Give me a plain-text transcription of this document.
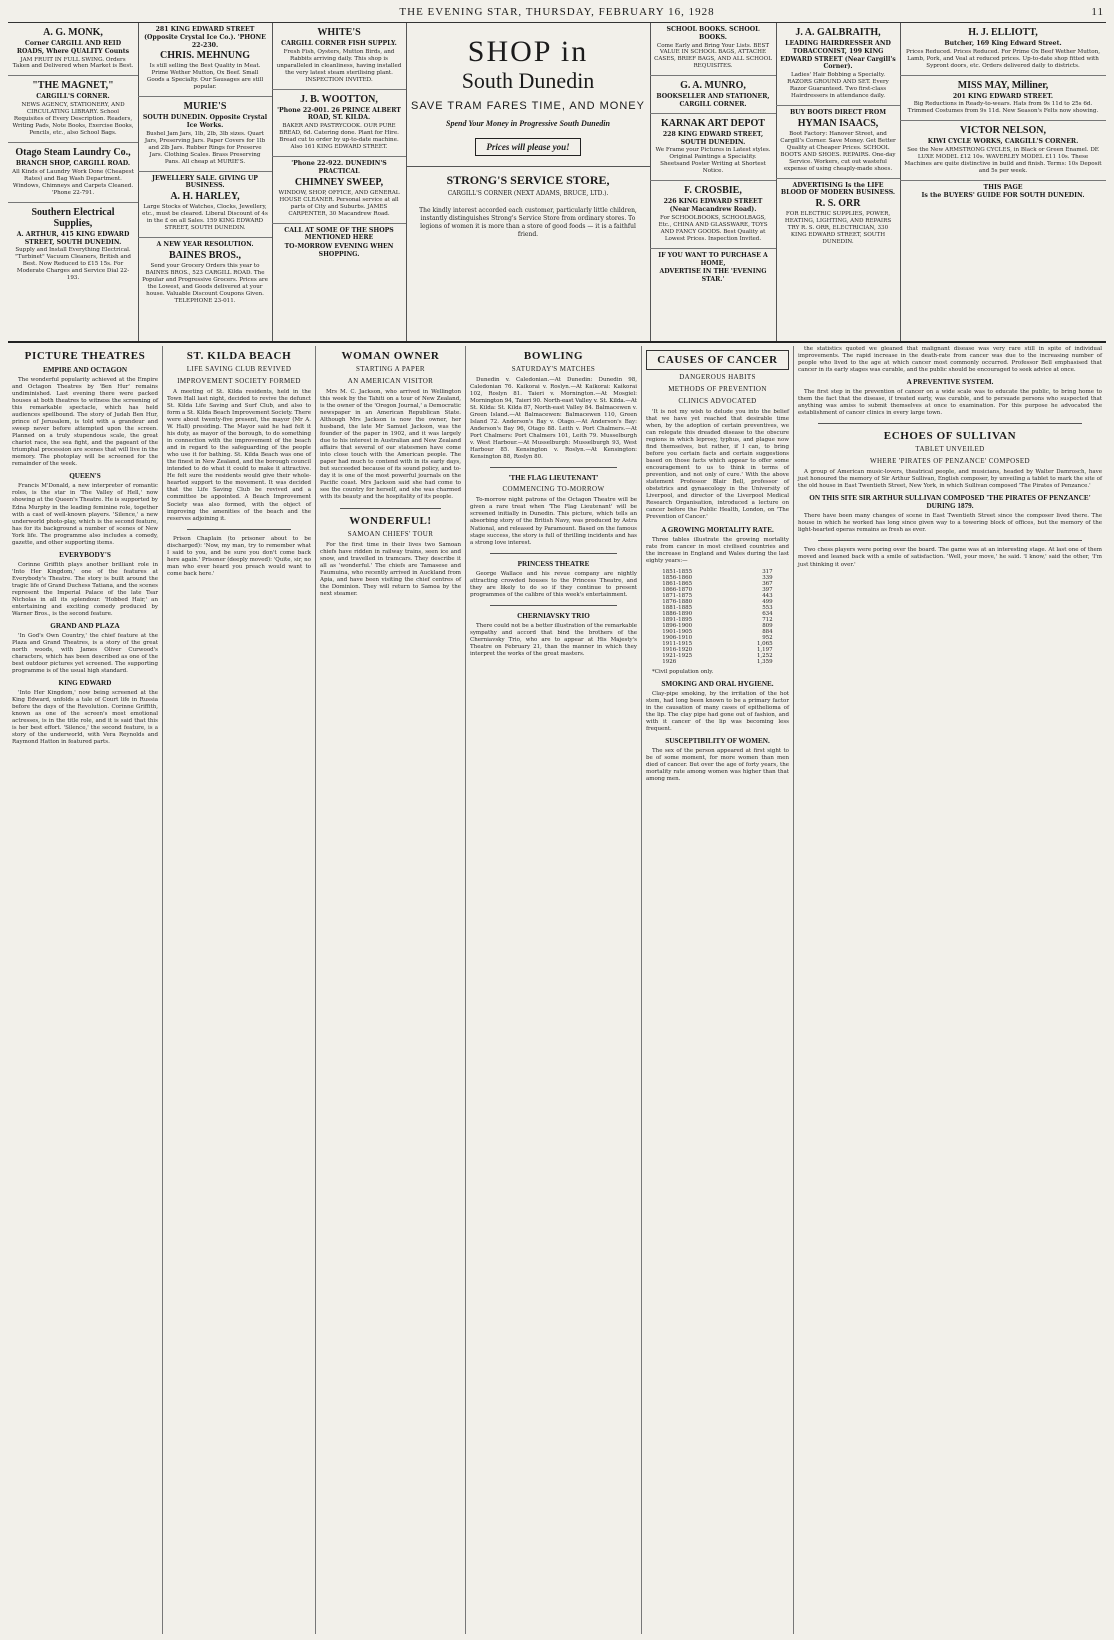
THE EVENING STAR, THURSDAY, FEBRUARY 16, 1928	11
A. G. MONK,
Corner CARGILL AND REID ROADS, Where QUALITY Counts

JAM FRUIT IN FULL SWING. Orders Taken and Delivered when Market is Best.

"THE MAGNET,"
CARGILL'S CORNER.

NEWS AGENCY, STATIONERY, AND CIRCULATING LIBRARY. School Requisites of Every Description. Readers, Writing Pads, Note Books, Exercise Books, Pencils, etc., also School Bags.

Otago Steam Laundry Co.,
BRANCH SHOP, CARGILL ROAD.

All Kinds of Laundry Work Done (Cheapest Rates) and Bag Wash Department. Windows, Chimneys and Carpets Cleaned. 'Phone 22-791.

Southern Electrical Supplies,
A. ARTHUR, 415 KING EDWARD STREET, SOUTH DUNEDIN.

Supply and Install Everything Electrical. "Turbinet" Vacuum Cleaners, British and Best. Now Reduced to £15 15s. For Moderate Charges and Service Dial 22-193.

281 KING EDWARD STREET (Opposite Crystal Ice Co.). 'PHONE 22-230.
CHRIS. MEHNUNG

Is still selling the Best Quality in Meat. Prime Wether Mutton, Ox Beef. Small Goods a Specialty. Our Sausages are still popular.

MURIE'S
SOUTH DUNEDIN. Opposite Crystal Ice Works.

Bushel Jam Jars, 1lb, 2lb, 3lb sizes. Quart Jars, Preserving Jars. Paper Covers for 1lb and 2lb Jars. Rubber Rings for Preserve Jars. Clothing Scales. Brass Preserving Pans. All cheap at MURIE'S.

JEWELLERY SALE. GIVING UP BUSINESS.
A. H. HARLEY,

Large Stocks of Watches, Clocks, Jewellery, etc., must be cleared. Liberal Discount of 4s in the £ on all Sales. 159 KING EDWARD STREET, SOUTH DUNEDIN.

A NEW YEAR RESOLUTION.
BAINES BROS.,

Send your Grocery Orders this year to BAINES BROS., 523 CARGILL ROAD. The Popular and Progressive Grocers. Prices are the Lowest, and Goods delivered at your house. Valuable Discount Coupons Given. TELEPHONE 23-011.

WHITE'S
CARGILL CORNER FISH SUPPLY.

Fresh Fish, Oysters, Mutton Birds, and Rabbits arriving daily. This shop is unparalleled in cleanliness, having installed the very latest steam sterilising plant. INSPECTION INVITED.

J. B. WOOTTON,
'Phone 22-001. 26 PRINCE ALBERT ROAD, ST. KILDA.

BAKER AND PASTRYCOOK. OUR PURE BREAD, 6d. Catering done. Plant for Hire. Bread cut to order by up-to-date machine. Also 161 KING EDWARD STREET.

'Phone 22-922. DUNEDIN'S PRACTICAL
CHIMNEY SWEEP,

WINDOW, SHOP, OFFICE, AND GENERAL HOUSE CLEANER. Personal service at all parts of City and Suburbs. JAMES CARPENTER, 30 Macandrew Road.

CALL AT SOME OF THE SHOPS
MENTIONED HERE

TO-MORROW EVENING WHEN SHOPPING.

SHOP in
South Dunedin
SAVE TRAM FARES TIME, AND MONEY
Spend Your Money in Progressive South Dunedin
Prices will please you!
STRONG'S SERVICE STORE,
CARGILL'S CORNER (NEXT ADAMS, BRUCE, LTD.).
The kindly interest accorded each customer, particularly little children, instantly distinguishes Strong's Service Store from ordinary stores. To legions of women it is more than a store of good foods — it is a faithful friend.
SCHOOL BOOKS. SCHOOL BOOKS.

Come Early and Bring Your Lists. BEST VALUE IN SCHOOL BAGS, ATTACHE CASES, BRIEF BAGS, AND ALL SCHOOL REQUISITES.

G. A. MUNRO,
BOOKSELLER AND STATIONER, CARGILL CORNER.
KARNAK ART DEPOT
228 KING EDWARD STREET, SOUTH DUNEDIN.

We Frame your Pictures in Latest styles. Original Paintings a Speciality. Sheetsand Poster Writing at Shortest Notice.

F. CROSBIE,
226 KING EDWARD STREET (Near Macandrew Road).

For SCHOOLBOOKS, SCHOOLBAGS, Etc., CHINA AND GLASSWARE, TOYS AND FANCY GOODS. Best Quality at Lowest Prices. Inspection Invited.

IF YOU WANT TO PURCHASE A HOME,

ADVERTISE IN THE 'EVENING STAR.'

J. A. GALBRAITH,
LEADING HAIRDRESSER AND TOBACCONIST, 199 KING EDWARD STREET (Near Cargill's Corner).

Ladies' Hair Bobbing a Specialty. RAZORS GROUND AND SET. Every Razor Guaranteed. Two first-class Hairdressers in attendance daily.

BUY BOOTS DIRECT FROM
HYMAN ISAACS,

Boot Factory: Hanover Street, and Cargill's Corner. Save Money. Get Better Quality at Cheaper Prices. SCHOOL BOOTS AND SHOES. REPAIRS. One-day Service. Workers, cut out wasteful expense of using cheaply-made shoes.

ADVERTISING Is the LIFE BLOOD OF MODERN BUSINESS.
R. S. ORR

FOR ELECTRIC SUPPLIES, POWER, HEATING, LIGHTING, AND REPAIRS TRY R. S. ORR, ELECTRICIAN, 330 KING EDWARD STREET, SOUTH DUNEDIN.

H. J. ELLIOTT,
Butcher, 169 King Edward Street.

Prices Reduced. Prices Reduced. For Prime Ox Beef Wether Mutton, Lamb, Pork, and Veal at reduced prices. Up-to-date shop fitted with Sypront doors, etc. Orders delivered daily to districts.

MISS MAY, Milliner,
201 KING EDWARD STREET.

Big Reductions in Ready-to-wears. Hats from 9s 11d to 25s 6d. Trimmed Costumes from 9s 11d. New Season's Felts now showing.

VICTOR NELSON,
KIWI CYCLE WORKS, CARGILL'S CORNER.

See the New ARMSTRONG CYCLES, in Black or Green Enamel. DE LUXE MODEL £12 10s. WAVERLEY MODEL £11 10s. These Machines are quite distinctive in build and finish. Terms: 10s Deposit and 5s per week.

THIS PAGE
Is the BUYERS' GUIDE FOR SOUTH DUNEDIN.
PICTURE THEATRES
EMPIRE AND OCTAGON
The wonderful popularity achieved at the Empire and Octagon Theatres by 'Ben Hur' remains undiminished. Last evening there were packed houses at both theatres to witness the screening of this remarkable spectacle, which has held audiences spellbound. The story of Judah Ben Hur, prince of Jerusalem, is told with a grandeur and sweep never before attempted upon the screen. Planned on a truly stupendous scale, the great chariot race, the sea fight, and the pageant of the triumphal procession are scenes that will live in the memory. The photoplay will be screened for the remainder of the week.
QUEEN'S
Francis M'Donald, a new interpreter of romantic roles, is the star in 'The Valley of Hell,' now showing at the Queen's Theatre. He is supported by Edna Murphy in the leading feminine role, together with a cast of well-known players. 'Silence,' a new underworld photo-play, which is the second feature, has for its background a number of scenes of New York life. The programme also includes a comedy, gazette, and other supporting items.
EVERYBODY'S
Corinne Griffith plays another brilliant role in 'Into Her Kingdom,' one of the features at Everybody's Theatre. The story is built around the tragic life of Grand Duchess Tatiana, and the scenes represent the Imperial Palace of the late Tsar Nicholas in all its splendour. 'Hobbed Hair,' an entertaining and exciting comedy produced by Warner Bros., is the second feature.
GRAND AND PLAZA
'In God's Own Country,' the chief feature at the Plaza and Grand Theatres, is a story of the great north woods, with James Oliver Curwood's characters, which has been described as one of the best outdoor pictures yet screened. The supporting programme is of the usual high standard.
KING EDWARD
'Into Her Kingdom,' now being screened at the King Edward, unfolds a tale of Court life in Russia before the days of the Revolution. Corinne Griffith, known as one of the screen's most emotional actresses, is in the title role, and it is said that this is her best effort. 'Silence,' the second feature, is a story of the underworld, with Vera Reynolds and Raymond Hatton in featured parts.
ST. KILDA BEACH
LIFE SAVING CLUB REVIVED
IMPROVEMENT SOCIETY FORMED
A meeting of St. Kilda residents, held in the Town Hall last night, decided to revive the defunct St. Kilda Life Saving and Surf Club, and also to form a St. Kilda Beach Improvement Society. There were about twenty-five present, the mayor (Mr A. W. Hall) presiding. The Mayor said he had felt it his duty, as mayor of the borough, to do something in connection with the improvement of the beach and in regard to the safeguarding of the people who use it for bathing. St. Kilda Beach was one of the finest in New Zealand, and the borough council intended to do what it could to make it attractive. He felt sure the residents would give their whole-hearted support to the movement. It was decided that the Life Saving Club be revived and a committee be appointed. A Beach Improvement Society was also formed, with the object of improving the amenities of the beach and the reserves adjoining it.
Prison Chaplain (to prisoner about to be discharged): 'Now, my man, try to remember what I said to you, and be sure you don't come back here again.' Prisoner (deeply moved): 'Quite, sir, no man who ever heard you preach would want to come back here.'
WOMAN OWNER
STARTING A PAPER
AN AMERICAN VISITOR
Mrs M. C. Jackson, who arrived in Wellington this week by the Tahiti on a tour of New Zealand, is the owner of the 'Oregon Journal,' a Democratic newspaper in an American Republican State. Although Mrs Jackson is now the owner, her husband, the late Mr Samuel Jackson, was the founder of the paper in 1902, and it was largely due to his interest in Australian and New Zealand affairs that several of our statesmen have come into close touch with the American people. The paper had much to contend with in its early days, but succeeded because of its sound policy, and to-day it is one of the most powerful journals on the Pacific coast. Mrs Jackson said she had come to see the country for herself, and she was charmed with its beauty and the hospitality of its people.
WONDERFUL!
SAMOAN CHIEFS' TOUR
For the first time in their lives two Samoan chiefs have ridden in railway trains, seen ice and snow, and travelled in tramcars. They describe it all as 'wonderful.' The chiefs are Tamasese and Faumuina, who recently arrived in Auckland from Apia, and have been visiting the chief centres of the Dominion. They will return to Samoa by the next steamer.
BOWLING
SATURDAY'S MATCHES
Dunedin v. Caledonian.—At Dunedin: Dunedin 98, Caledonian 76. Kaikorai v. Roslyn.—At Kaikorai: Kaikorai 102, Roslyn 81. Taieri v. Mornington.—At Mosgiel: Mornington 94, Taieri 90. North-east Valley v. St. Kilda.—At St. Kilda: St. Kilda 87, North-east Valley 84. Balmacewen v. Green Island.—At Balmacewen: Balmacewen 110, Green Island 72. Anderson's Bay v. Otago.—At Anderson's Bay: Anderson's Bay 96, Otago 88. Leith v. Port Chalmers.—At Port Chalmers: Port Chalmers 101, Leith 79. Musselburgh v. West Harbour.—At Musselburgh: Musselburgh 93, West Harbour 85. Kensington v. Roslyn.—At Kensington: Kensington 88, Roslyn 80.
'THE FLAG LIEUTENANT'
COMMENCING TO-MORROW
To-morrow night patrons of the Octagon Theatre will be given a rare treat when 'The Flag Lieutenant' will be screened initially in Dunedin. This picture, which tells an absorbing story of the British Navy, was produced by Astra National, and released by Paramount. Based on the famous stage success, the story is full of thrilling incidents and has a strong love interest.
PRINCESS THEATRE
George Wallace and his revue company are nightly attracting crowded houses to the Princess Theatre, and they are likely to do so if they continue to present programmes of the calibre of this week's entertainment.
CHERNIAVSKY TRIO
There could not be a better illustration of the remarkable sympathy and accord that bind the brothers of the Cherniavsky Trio, who are to appear at His Majesty's Theatre on February 21, than the manner in which they interpret the works of the great masters.
CAUSES OF CANCER
DANGEROUS HABITS
METHODS OF PREVENTION
CLINICS ADVOCATED
'It is not my wish to delude you into the belief that we have yet reached that desirable time when, by the adoption of certain preventives, we can relegate this dreaded disease to the obscure regions in which leprosy, typhus, and plague now find themselves, but rather, if I can, to bring before you certain facts and certain suggestions based on those facts which appear to offer some encouragement to us to think in terms of prevention, and not only of cure.' With the above statement Professor Blair Bell, professor of obstetrics and gynaecology in the University of Liverpool, and director of the Liverpool Medical Research Organisation, introduced a lecture on cancer before the Public Health, London, on 'The Prevention of Cancer.'
A GROWING MORTALITY RATE.
Three tables illustrate the growing mortality rate from cancer in most civilised countries and the increase in England and Wales during the last eighty years:—
1851-1855	317
1856-1860	339
1861-1865	367
1866-1870	397
1871-1875	443
1876-1880	499
1881-1885	553
1886-1890	634
1891-1895	712
1896-1900	809
1901-1905	884
1906-1910	952
1911-1915	1,065
1916-1920	1,197
1921-1925	1,252
1926	1,359
*Civil population only.
SMOKING AND ORAL HYGIENE.
Clay-pipe smoking, by the irritation of the hot stem, had long been known to be a primary factor in the causation of many cases of epithelioma of the lip. The clay pipe had gone out of fashion, and with it cancer of the lip was becoming less frequent.
SUSCEPTIBILITY OF WOMEN.
The sex of the person appeared at first sight to be of some moment, for more women than men died of cancer. But over the age of forty years, the mortality rate among women was higher than that among men.
the statistics quoted we gleaned that malignant disease was very rare still in spite of individual improvements. The rapid increase in the death-rate from cancer was due to the increasing number of people who lived to the age at which cancer most commonly occurred. Professor Bell emphasised that cancer in its early stages was curable, and the public should be encouraged to seek advice at once.
A PREVENTIVE SYSTEM.
The first step in the prevention of cancer on a wide scale was to educate the public, to bring home to them the fact that the disease, if treated early, was curable, and to persuade persons who suspected that anything was amiss to submit themselves at once to examination. For this purpose he advocated the establishment of cancer clinics in every large town.
ECHOES OF SULLIVAN
TABLET UNVEILED
WHERE 'PIRATES OF PENZANCE' COMPOSED
A group of American music-lovers, theatrical people, and musicians, headed by Walter Damrosch, have just honoured the memory of Sir Arthur Sullivan, English composer, by unveiling a tablet to mark the site of the old house in East Twentieth Street, New York, in which Sullivan composed 'The Pirates of Penzance.'
ON THIS SITE SIR ARTHUR SULLIVAN COMPOSED 'THE PIRATES OF PENZANCE' DURING 1879.
There have been many changes of scene in East Twentieth Street since the composer lived there. The house in which he worked has long since given way to a towering block of offices, but the memory of the light-hearted operas remains as fresh as ever.
Two chess players were poring over the board. The game was at an interesting stage. At last one of them moved and leaned back with a smile of satisfaction. 'Well, your move,' he said. 'I know,' said the other, 'I'm just thinking it over.'
